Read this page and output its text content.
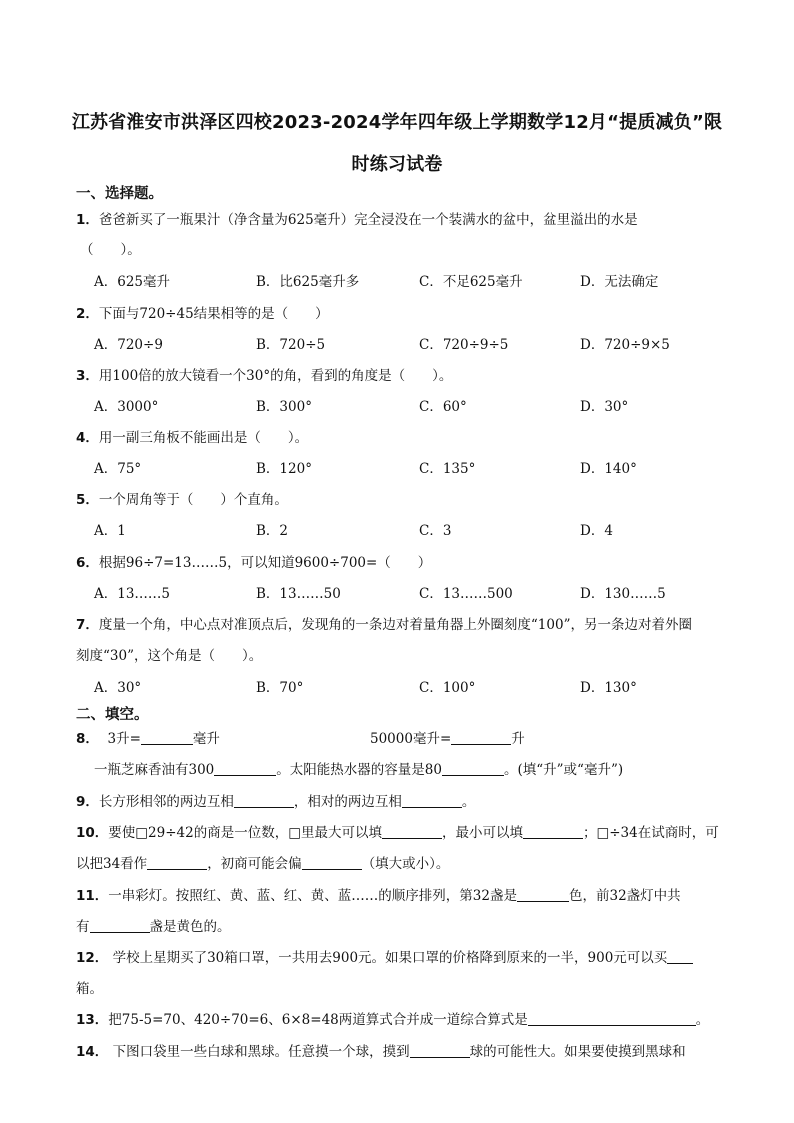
江苏省淮安市洪泽区四校2023-2024学年四年级上学期数学12月“提质减负”限
时练习试卷
一、选择题。
1．爸爸新买了一瓶果汁（净含量为625毫升）完全浸没在一个装满水的盆中，盆里溢出的水是
（　　）。
A．625毫升	B．比625毫升多	C．不足625毫升	D．无法确定
2．下面与720÷45结果相等的是（　　）
A．720÷9	B．720÷5	C．720÷9÷5	D．720÷9×5
3．用100倍的放大镜看一个30°的角，看到的角度是（　　）。
A．3000°	B．300°	C．60°	D．30°
4．用一副三角板不能画出是（　　）。
A．75°	B．120°	C．135°	D．140°
5．一个周角等于（　　）个直角。
A．1	B．2	C．3	D．4
6．根据96÷7=13……5，可以知道9600÷700=（　　）
A．13……5	B．13……50	C．13……500	D．130……5
7．度量一个角，中心点对准顶点后，发现角的一条边对着量角器上外圈刻度“100”，另一条边对着外圈
刻度“30”，这个角是（　　）。
A．30°	B．70°	C．100°	D．130°
二、填空。
8． 3升=	毫升	50000毫升=	升
一瓶芝麻香油有300	。太阳能热水器的容量是80	。(填“升”或“毫升”)
9．长方形相邻的两边互相	，相对的两边互相	。
10．要使□29÷42的商是一位数，□里最大可以填	，最小可以填	；□÷34在试商时，可
以把34看作	，初商可能会偏	（填大或小）。
11．一串彩灯。按照红、黄、蓝、红、黄、蓝……的顺序排列，第32盏是	色，前32盏灯中共
有	盏是黄色的。
12． 学校上星期买了30箱口罩，一共用去900元。如果口罩的价格降到原来的一半，900元可以买
箱。
13．把75-5=70、420÷70=6、6×8=48两道算式合并成一道综合算式是	。
14． 下图口袋里一些白球和黑球。任意摸一个球，摸到	球的可能性大。如果要使摸到黑球和
